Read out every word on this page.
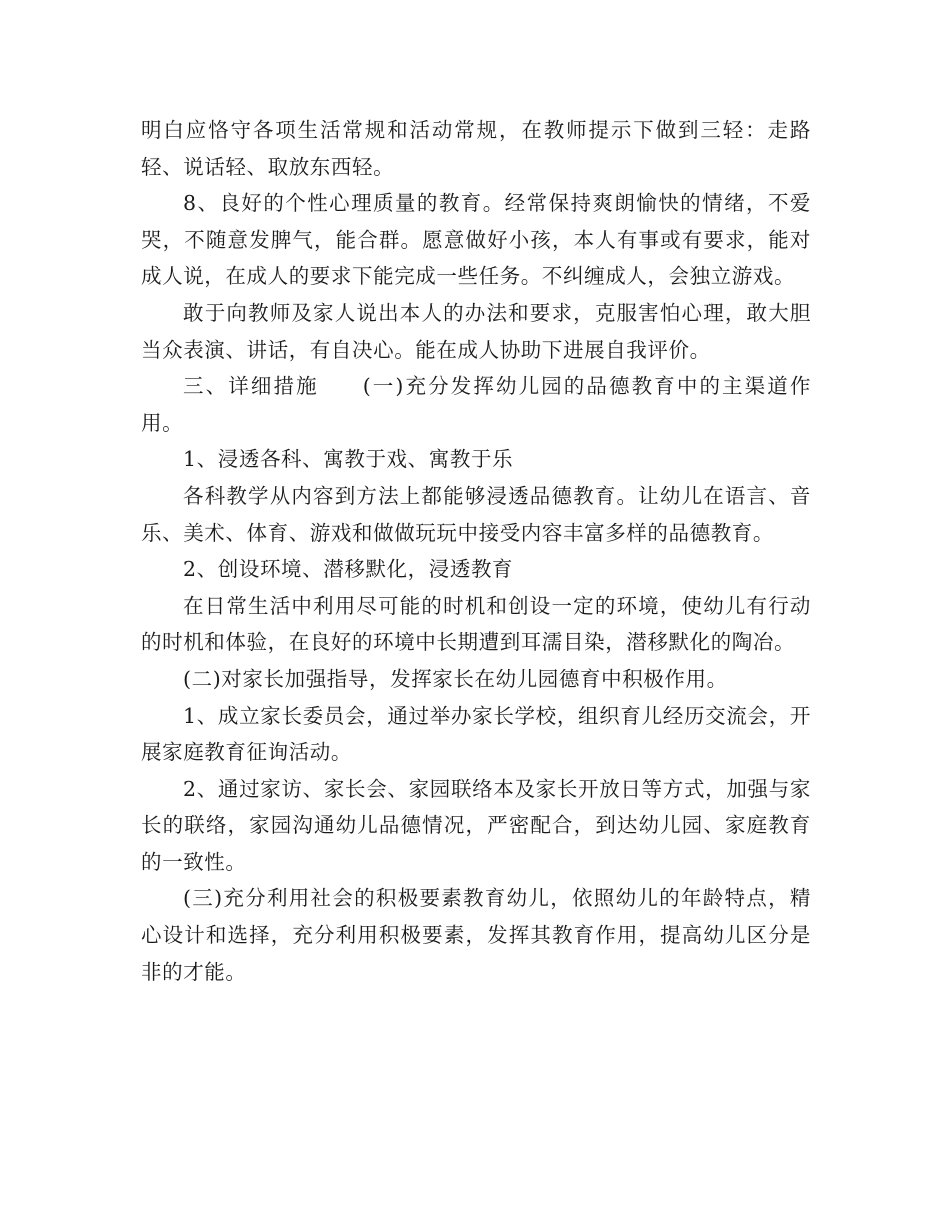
明白应恪守各项生活常规和活动常规，在教师提示下做到三轻：走路轻、说话轻、取放东西轻。

8、良好的个性心理质量的教育。经常保持爽朗愉快的情绪，不爱哭，不随意发脾气，能合群。愿意做好小孩，本人有事或有要求，能对成人说，在成人的要求下能完成一些任务。不纠缠成人，会独立游戏。

敢于向教师及家人说出本人的办法和要求，克服害怕心理，敢大胆当众表演、讲话，有自决心。能在成人协助下进展自我评价。

三、详细措施 (一)充分发挥幼儿园的品德教育中的主渠道作用。

1、浸透各科、寓教于戏、寓教于乐

各科教学从内容到方法上都能够浸透品德教育。让幼儿在语言、音乐、美术、体育、游戏和做做玩玩中接受内容丰富多样的品德教育。

2、创设环境、潜移默化，浸透教育

在日常生活中利用尽可能的时机和创设一定的环境，使幼儿有行动的时机和体验，在良好的环境中长期遭到耳濡目染，潜移默化的陶冶。

(二)对家长加强指导，发挥家长在幼儿园德育中积极作用。

1、成立家长委员会，通过举办家长学校，组织育儿经历交流会，开展家庭教育征询活动。

2、通过家访、家长会、家园联络本及家长开放日等方式，加强与家长的联络，家园沟通幼儿品德情况，严密配合，到达幼儿园、家庭教育的一致性。

(三)充分利用社会的积极要素教育幼儿，依照幼儿的年龄特点，精心设计和选择，充分利用积极要素，发挥其教育作用，提高幼儿区分是非的才能。
